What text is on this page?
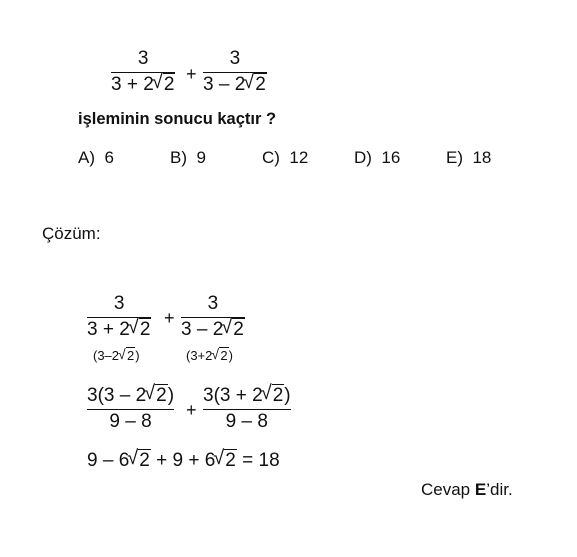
3
3 + 2 √ 2 +
3
3 – 2 √ 2
işleminin sonucu kaçtır ?
A) 6	B) 9	C) 12	D) 16	E) 18
Çözüm:
3
3 + 2 √ 2
+
3
3 – 2 √ 2
(3–2 √ 2)	(3+2 √ 2)
3(3 – 2 √ 2)
9 – 8
+
3(3 + 2 √ 2)
9 – 8
9 – 6 √ 2 + 9 + 6 √ 2 = 18
Cevap E’dir.
